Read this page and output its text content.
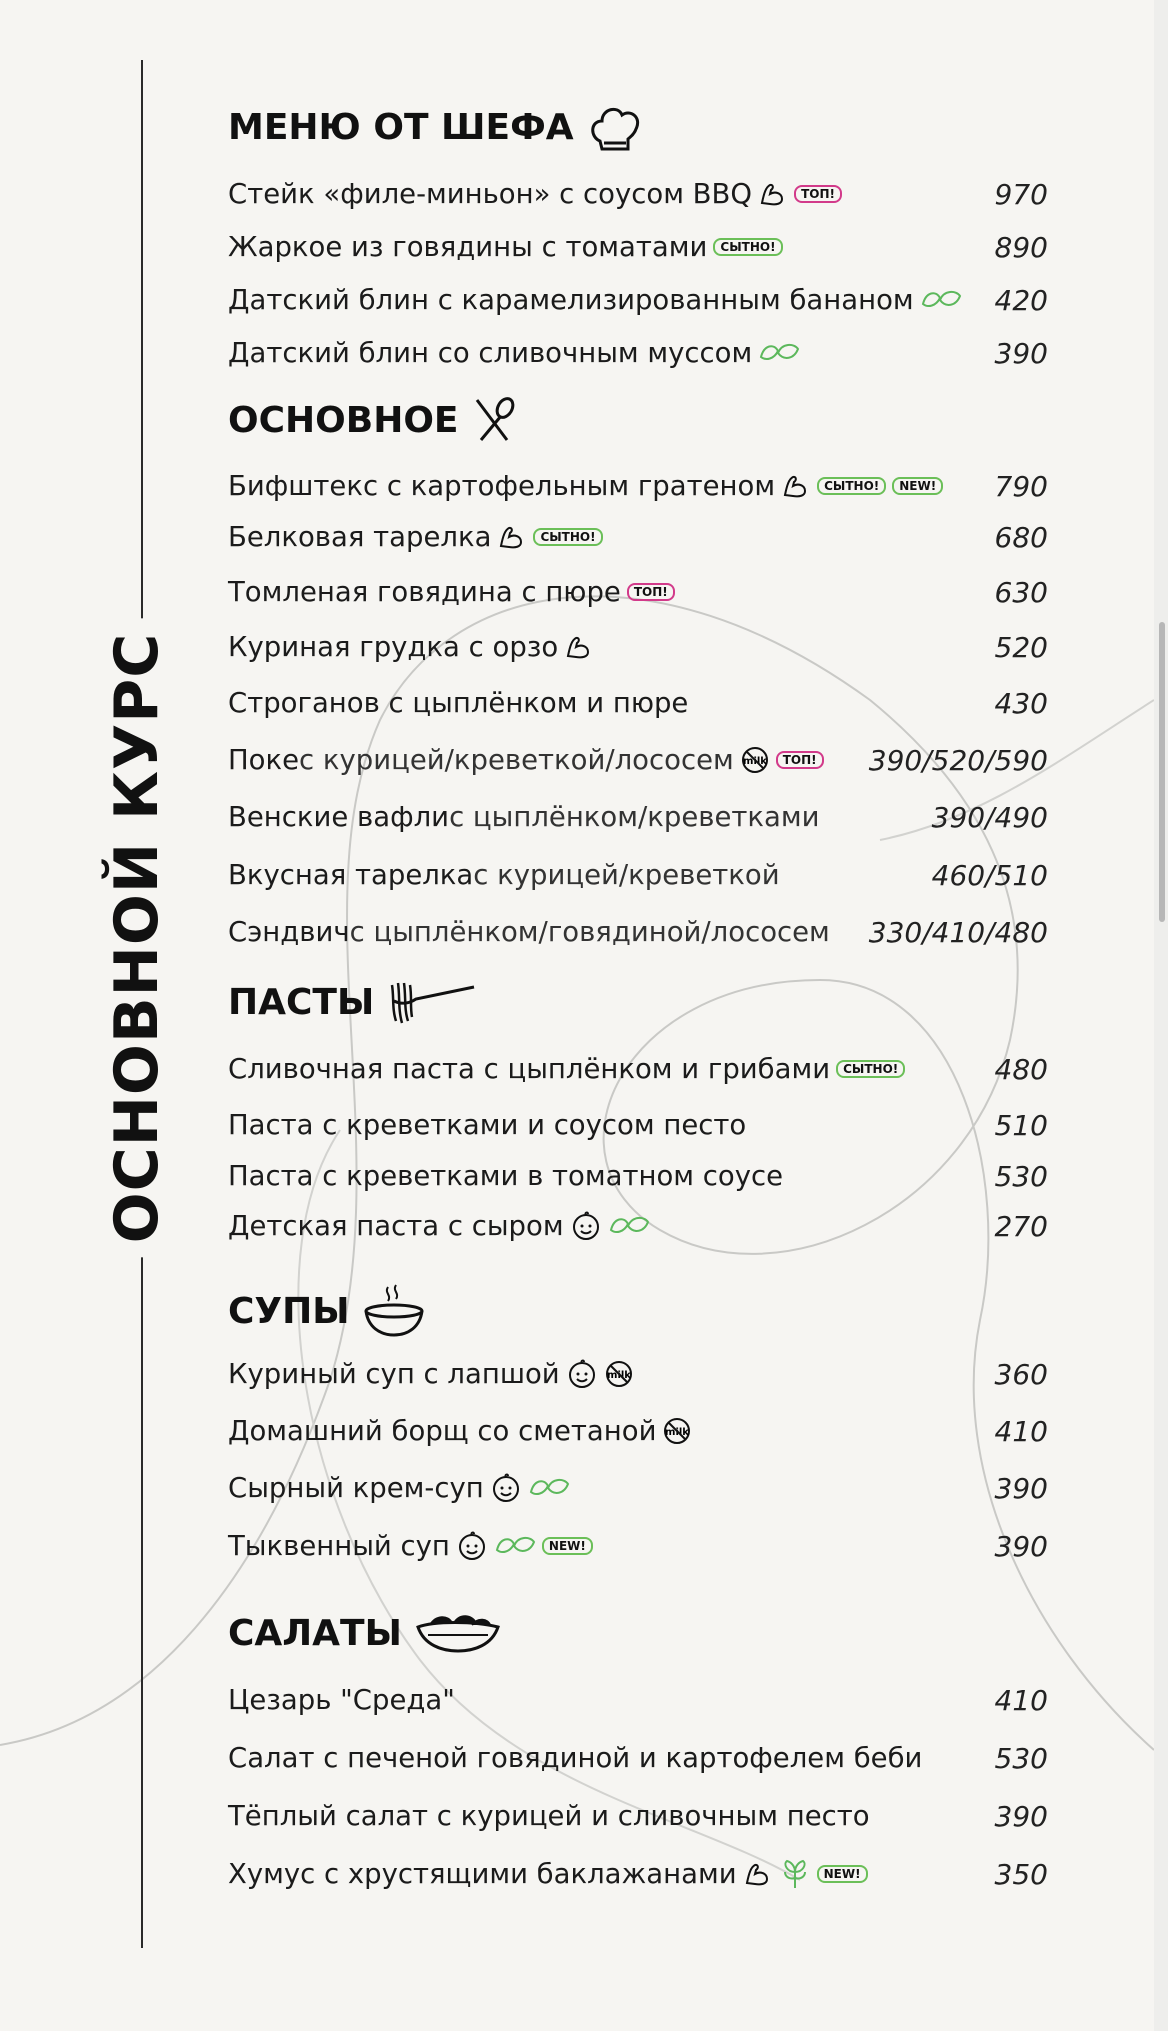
ОСНОВНОЙ КУРС
МЕНЮ ОТ ШЕФА
Стейк «филе-миньон» с соусом BBQ	ТОП!	970
Жаркое из говядины с томатами	СЫТНО!	890
Датский блин с карамелизированным бананом	420
Датский блин со сливочным муссом	390
ОСНОВНОЕ
Бифштекс с картофельным гратеном	СЫТНО!	NEW! 790
Белковая тарелка	СЫТНО!	680
Томленая говядина с пюре	ТОП!	630
Куриная грудка с орзо	520
Строганов с цыплёнком и пюре	430
Поке с курицей/креветкой/лососем milk	ТОП! 390/520/590
Венские вафли с цыплёнком/креветками	390/490
Вкусная тарелка с курицей/креветкой	460/510
Сэндвич с цыплёнком/говядиной/лососем 330/410/480
ПАСТЫ
Сливочная паста с цыплёнком и грибами	СЫТНО!	480
Паста с креветками и соусом песто	510
Паста с креветками в томатном соусе	530
Детская паста с сыром	270
СУПЫ
Куриный суп с лапшой	milk	360
Домашний борщ со сметаной milk	410
Сырный крем-суп	390
Тыквенный суп	NEW!	390
САЛАТЫ
Цезарь "Среда"	410
Салат с печеной говядиной и картофелем беби	530
Тёплый салат с курицей и сливочным песто	390
Хумус с хрустящими баклажанами	NEW!	350
